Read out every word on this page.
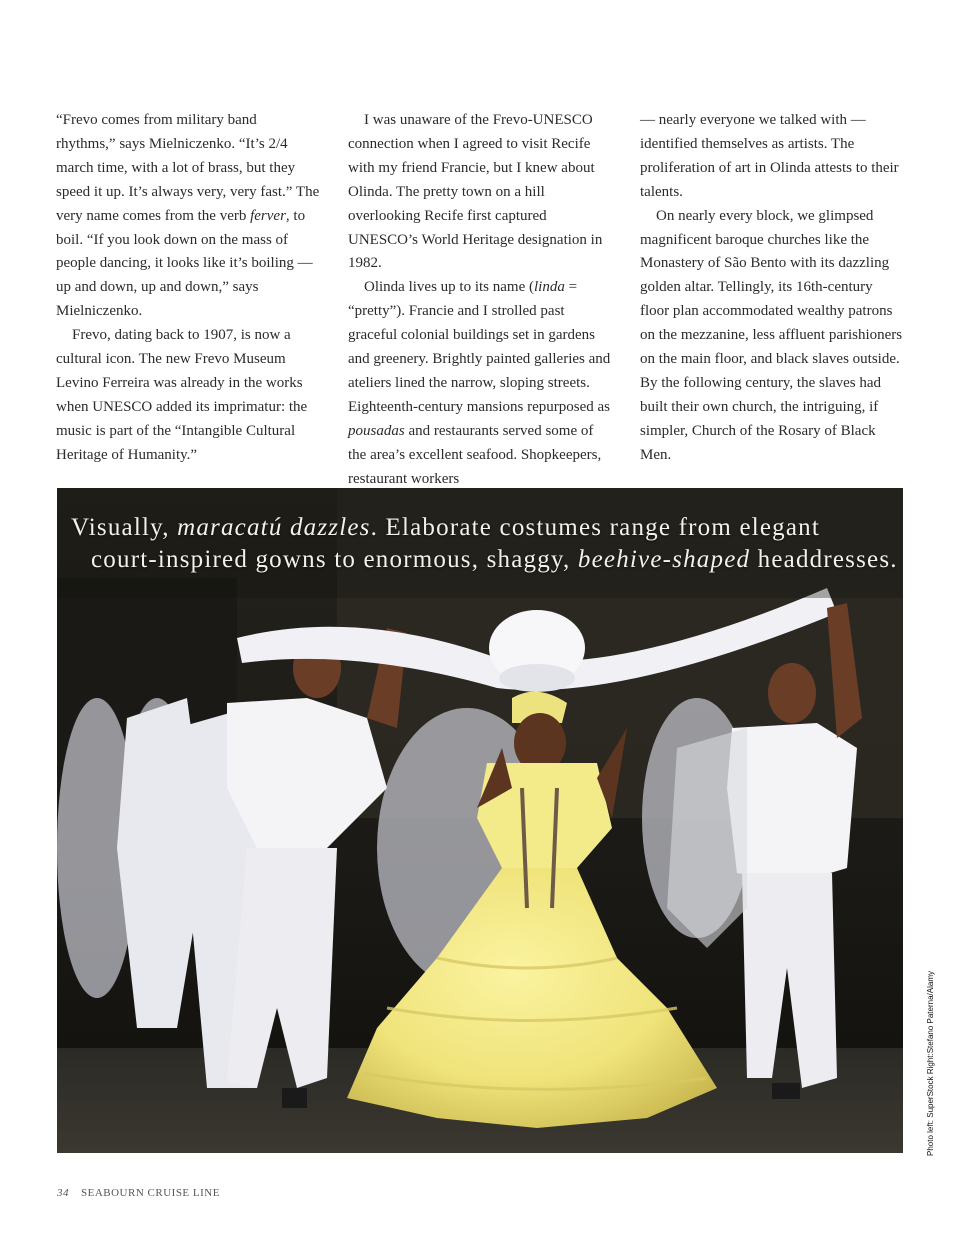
“Frevo comes from military band rhythms,” says Mielniczenko. “It’s 2/4 march time, with a lot of brass, but they speed it up. It’s always very, very fast.” The very name comes from the verb ferver, to boil. “If you look down on the mass of people dancing, it looks like it’s boiling — up and down, up and down,” says Mielniczenko.

Frevo, dating back to 1907, is now a cultural icon. The new Frevo Museum Levino Ferreira was already in the works when UNESCO added its imprimatur: the music is part of the “Intangible Cultural Heritage of Humanity.”

I was unaware of the Frevo-UNESCO connection when I agreed to visit Recife with my friend Francie, but I knew about Olinda. The pretty town on a hill overlooking Recife first captured UNESCO’s World Heritage designation in 1982.

Olinda lives up to its name (linda = “pretty”). Francie and I strolled past graceful colonial buildings set in gardens and greenery. Brightly painted galleries and ateliers lined the narrow, sloping streets. Eighteenth-century mansions repurposed as pousadas and restaurants served some of the area’s excellent seafood. Shopkeepers, restaurant workers

— nearly everyone we talked with — identified themselves as artists. The proliferation of art in Olinda attests to their talents.

On nearly every block, we glimpsed magnificent baroque churches like the Monastery of São Bento with its dazzling golden altar. Tellingly, its 16th-century floor plan accommodated wealthy patrons on the mezzanine, less affluent parishioners on the main floor, and black slaves outside. By the following century, the slaves had built their own church, the intriguing, if simpler, Church of the Rosary of Black Men.

Visually, maracatú dazzles. Elaborate costumes range from elegant
court-inspired gowns to enormous, shaggy, beehive-shaped headdresses.
Photo left: SuperStock Right:Stefano Paterna/Alamy
34 SEABOURN CRUISE LINE
